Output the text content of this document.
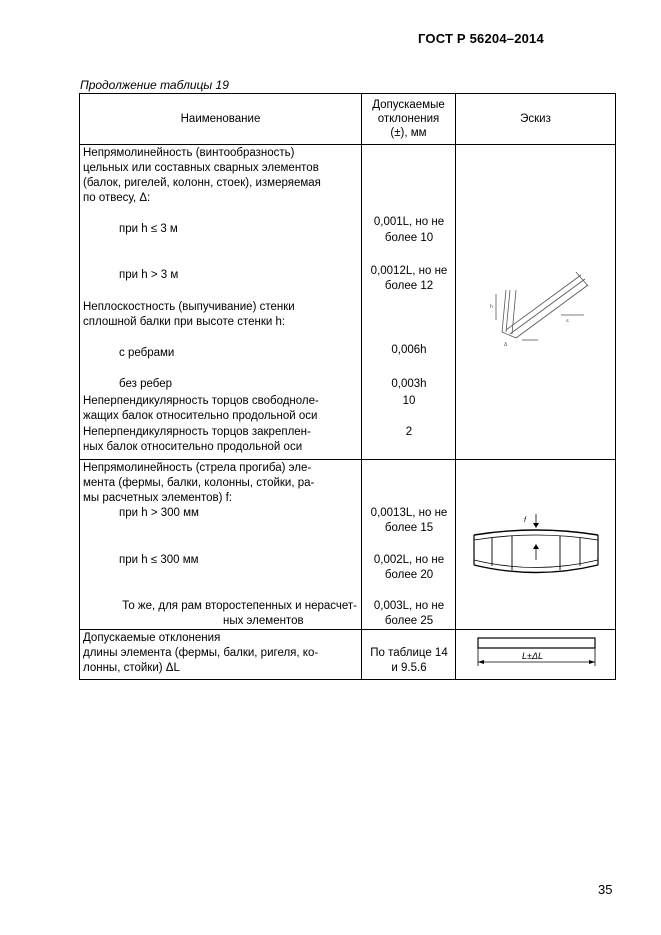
ГОСТ Р 56204–2014
Продолжение таблицы 19
Наименование
Допускаемые
отклонения
(±), мм
Эскиз
Непрямолинейность (винтообразность)
цельных или составных сварных элементов
(балок, ригелей, колонн, стоек), измеряемая
по отвесу, Δ:
при h ≤ 3 м
при h > 3 м
Неплоскостность (выпучивание) стенки
сплошной балки при высоте стенки h:
с ребрами
без ребер
Неперпендикулярность торцов свободноле-
жащих балок относительно продольной оси
Неперпендикулярность торцов закреплен-
ных балок относительно продольной оси
0,001L, но не
более 10
0,0012L, но не
более 12
0,006h
0,003h
10
2
h
Δ
≤
Непрямолинейность (стрела прогиба) эле-
мента (фермы, балки, колонны, стойки, ра-
мы расчетных элементов) f:
при h > 300 мм
при h ≤ 300 мм
То же, для рам второстепенных и нерасчет-
ных элементов
0,0013L, но не
более 15
0,002L, но не
более 20
0,003L, но не
более 25
f
Допускаемые отклонения
длины элемента (фермы, балки, ригеля, ко-
лонны, стойки) ΔL
По таблице 14
и 9.5.6
L±ΔL
35
